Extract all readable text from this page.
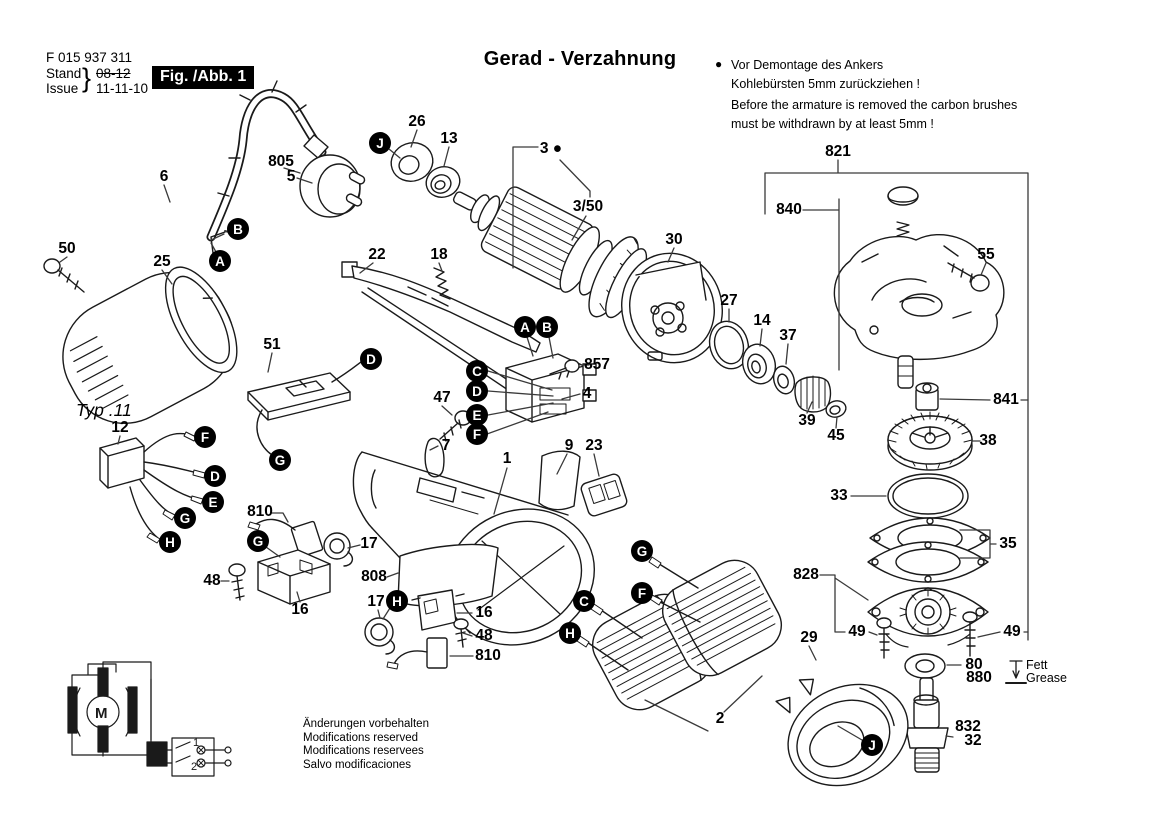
1
2
M
F 015 937 311
Stand
Issue } 08-12
11-11-10
Fig. /Abb. 1
Gerad - Verzahnung	● Vor Demontage des Ankers
Kohlebürsten 5mm zurückziehen !
Before the armature is removed the carbon brushes
must be withdrawn by at least 5mm !
Typ .11
Änderungen vorbehalten
Modifications reserved
Modifications reservees
Salvo modificaciones
26
13
3 ●
3/50
805
5
6
50
25	22	18
30
27
14
37
39
45
857
4
47
7
1
9 23
51
12
810
17
48
16
808
17
16
48
810
2
821
840
55
841
38
33
35
828
49	49
80
880
29
832
32
J
B
A
A B
C
D
E
F
D
F
D
E
G
H
G
G
H
G
F
C
H
J
Fett
Grease
